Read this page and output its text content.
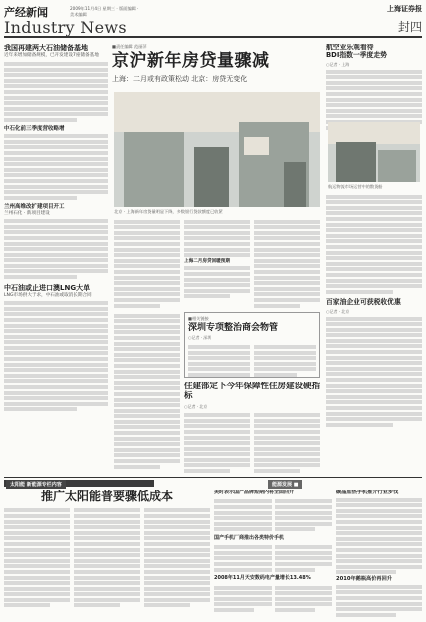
产经新闻
Industry News
2009年11月4日 星期三 · 版面编辑 · 美术编辑
上海证券报
封四
我国再建两大石油储备基地
近年来增加储备规模，已开发建设7座储备基地
中石化前三季度营收略增
兰州高维改扩建项目开工
兰州石化 · 新项目建设
中石油或止进口澳LNG大单
LNG市场供大于求，中石油或取消长期合同
■责任编辑 范丽萍
京沪新年房贷量骤减
上海：二月或有政策松动 北京：房贷无变化
北京 · 上海新年房贷量明显下降，多数银行贷款额度已收紧
上海二月房贷回暖预期
■相关链接
深圳专项整治商会物管
○记者 · 深圳
住建部定下今年保障性住房建设硬指标
○记者 · 北京
航空业乐观看待
BDI指数一季度走势
○记者 · 上海
航运物流市场运营中的散货船
百家油企业可获税收优惠
○记者 · 北京
太阳能 新能源专栏内容	能源发展 ■
推广太阳能普要骤低成本	美时表示国产品牌短期内将全面回升
国产手机厂商推出各类特价手机
2008年11月天安数码电产量增长13.48%
碳晶加热手机推介行业步伐
2010年鹅瓶高价再回升
